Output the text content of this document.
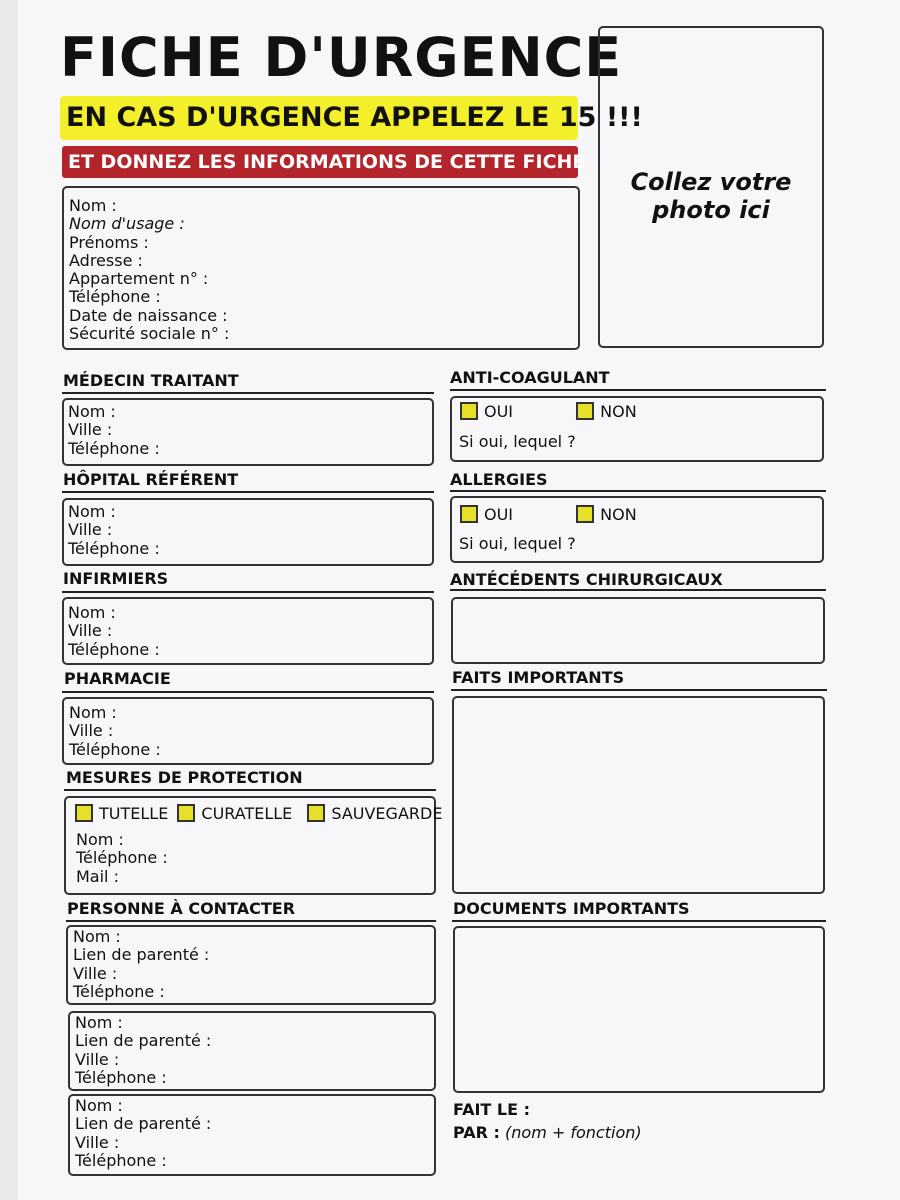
FICHE D'URGENCE
EN CAS D'URGENCE APPELEZ LE 15 !!!
ET DONNEZ LES INFORMATIONS DE CETTE FICHE
Nom :
Nom d'usage :
Prénoms :
Adresse :
Appartement n° :
Téléphone :
Date de naissance :
Sécurité sociale n° :
Collez votre
photo ici
MÉDECIN TRAITANT
Nom :
Ville :
Téléphone :
HÔPITAL RÉFÉRENT
Nom :
Ville :
Téléphone :
INFIRMIERS
Nom :
Ville :
Téléphone :
PHARMACIE
Nom :
Ville :
Téléphone :
MESURES DE PROTECTION
TUTELLE CURATELLE SAUVEGARDE
Nom :
Téléphone :
Mail :
PERSONNE À CONTACTER
Nom :
Lien de parenté :
Ville :
Téléphone :
Nom :
Lien de parenté :
Ville :
Téléphone :
Nom :
Lien de parenté :
Ville :
Téléphone :
ANTI-COAGULANT
OUI	NON
Si oui, lequel ?
ALLERGIES
OUI	NON
Si oui, lequel ?
ANTÉCÉDENTS CHIRURGICAUX
FAITS IMPORTANTS
DOCUMENTS IMPORTANTS
FAIT LE :
PAR : (nom + fonction)
